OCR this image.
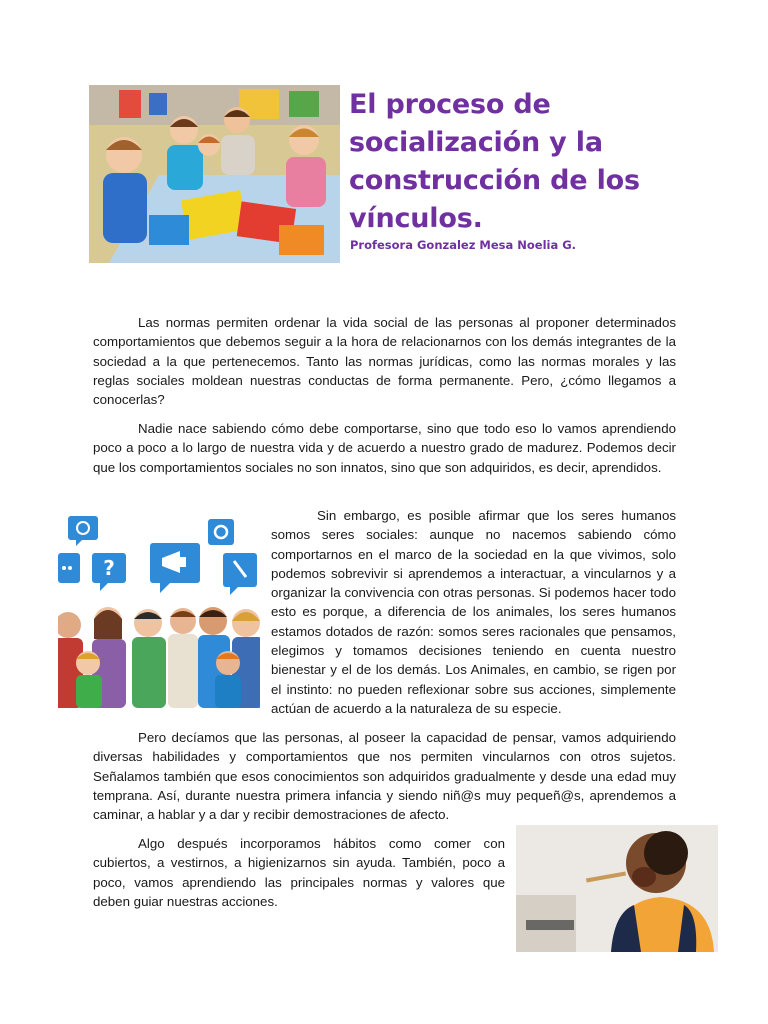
El proceso de socialización y la construcción de los vínculos.
Profesora Gonzalez Mesa Noelia G.

Las normas permiten ordenar la vida social de las personas al proponer determinados comportamientos que debemos seguir a la hora de relacionarnos con los demás integrantes de la sociedad a la que pertenecemos. Tanto las normas jurídicas, como las normas morales y las reglas sociales moldean nuestras conductas de forma permanente. Pero, ¿cómo llegamos a conocerlas?

Nadie nace sabiendo cómo debe comportarse, sino que todo eso lo vamos aprendiendo poco a poco a lo largo de nuestra vida y de acuerdo a nuestro grado de madurez. Podemos decir que los comportamientos sociales no son innatos, sino que son adquiridos, es decir, aprendidos.

?

Sin embargo, es posible afirmar que los seres humanos somos seres sociales: aunque no nacemos sabiendo cómo comportarnos en el marco de la sociedad en la que vivimos, solo podemos sobrevivir si aprendemos a interactuar, a vincularnos y a organizar la convivencia con otras personas. Si podemos hacer todo esto es porque, a diferencia de los animales, los seres humanos estamos dotados de razón: somos seres racionales que pensamos, elegimos y tomamos decisiones teniendo en cuenta nuestro bienestar y el de los demás. Los Animales, en cambio, se rigen por el instinto: no pueden reflexionar sobre sus acciones, simplemente actúan de acuerdo a la naturaleza de su especie.

Pero decíamos que las personas, al poseer la capacidad de pensar, vamos adquiriendo diversas habilidades y comportamientos que nos permiten vincularnos con otros sujetos. Señalamos también que esos conocimientos son adquiridos gradualmente y desde una edad muy temprana. Así, durante nuestra primera infancia y siendo niñ@s muy pequeñ@s, aprendemos a caminar, a hablar y a dar y recibir demostraciones de afecto.

Algo después incorporamos hábitos como comer con cubiertos, a vestirnos, a higienizarnos sin ayuda. También, poco a poco, vamos aprendiendo las principales normas y valores que deben guiar nuestras acciones.
